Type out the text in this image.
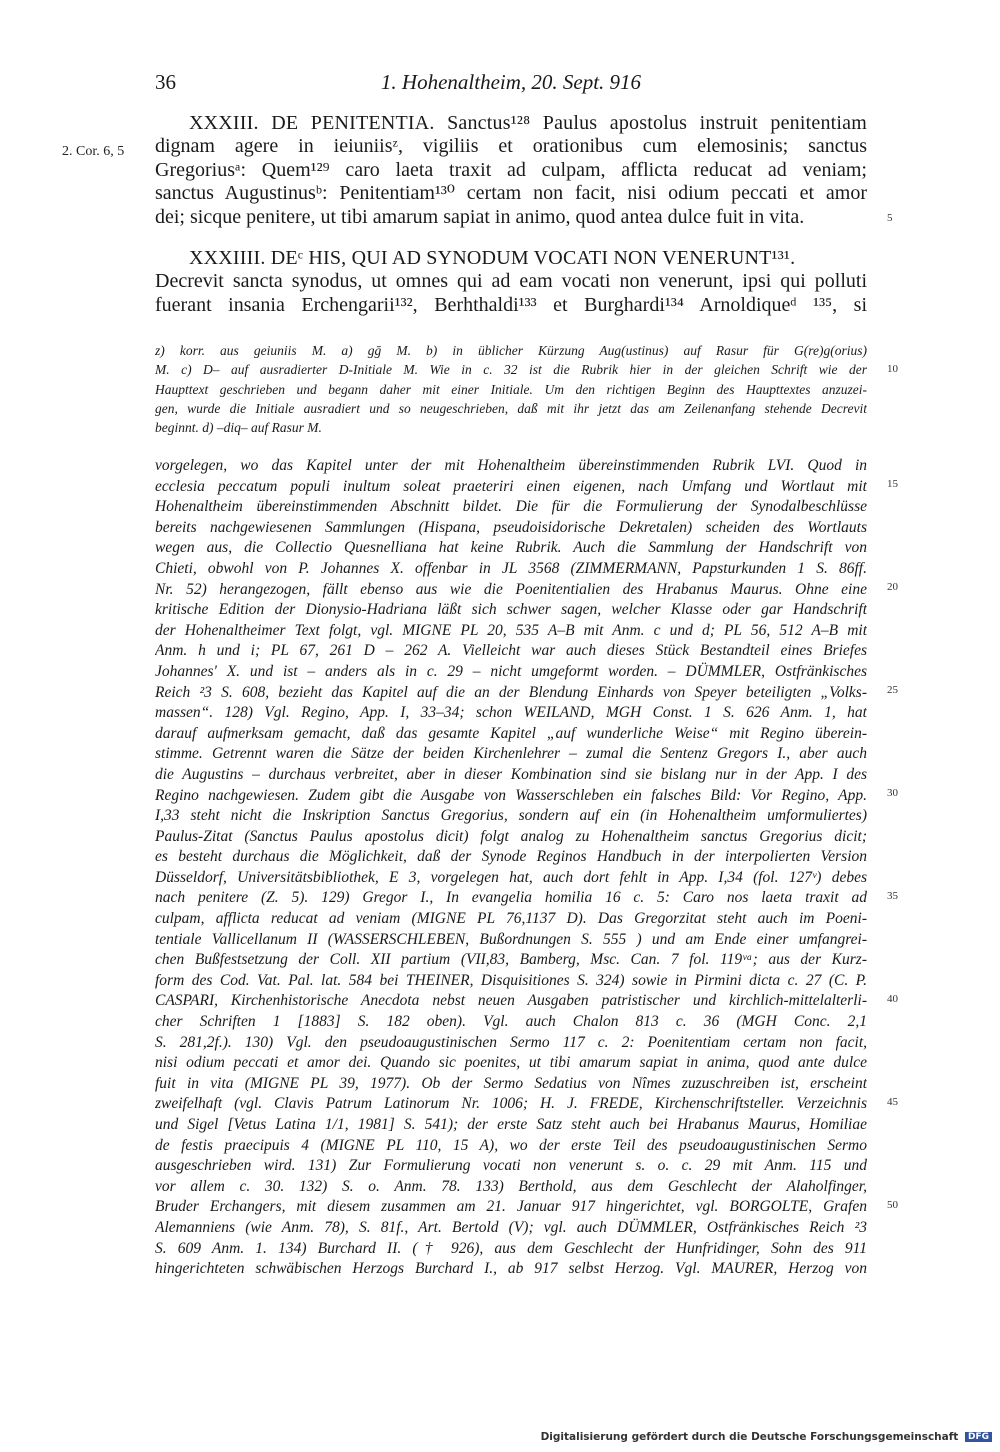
36	1. Hohenaltheim, 20. Sept. 916
2. Cor. 6, 5
XXXIII. DE PENITENTIA. Sanctus¹²⁸ Paulus apostolus instruit penitentiam
dignam agere in ieiuniisᶻ, vigiliis et orationibus cum elemosinis; sanctus
Gregoriusᵃ: Quem¹²⁹ caro laeta traxit ad culpam, afflicta reducat ad veniam;
sanctus Augustinusᵇ: Penitentiam¹³⁰ certam non facit, nisi odium peccati et amor
dei; sicque penitere, ut tibi amarum sapiat in animo, quod antea dulce fuit in vita.	5
XXXIIII. DEᶜ HIS, QUI AD SYNODUM VOCATI NON VENERUNT¹³¹.
Decrevit sancta synodus, ut omnes qui ad eam vocati non venerunt, ipsi qui polluti
fuerant insania Erchengarii¹³², Berhthaldi¹³³ et Burghardi¹³⁴ Arnoldiqueᵈ ¹³⁵, si
z) korr. aus geiuniis M. a) gḡ M. b) in üblicher Kürzung Aug(ustinus) auf Rasur für G(re)g(orius)
M. c) D– auf ausradierter D-Initiale M. Wie in c. 32 ist die Rubrik hier in der gleichen Schrift wie der
Haupttext geschrieben und begann daher mit einer Initiale. Um den richtigen Beginn des Haupttextes anzuzei-
gen, wurde die Initiale ausradiert und so neugeschrieben, daß mit ihr jetzt das am Zeilenanfang stehende Decrevit
beginnt. d) –diq– auf Rasur M.
10
vorgelegen, wo das Kapitel unter der mit Hohenaltheim übereinstimmenden Rubrik LVI. Quod in
ecclesia peccatum populi inultum soleat praeteriri einen eigenen, nach Umfang und Wortlaut mit
Hohenaltheim übereinstimmenden Abschnitt bildet. Die für die Formulierung der Synodalbeschlüsse
bereits nachgewiesenen Sammlungen (Hispana, pseudoisidorische Dekretalen) scheiden des Wortlauts
wegen aus, die Collectio Quesnelliana hat keine Rubrik. Auch die Sammlung der Handschrift von
Chieti, obwohl von P. Johannes X. offenbar in JL 3568 (ZIMMERMANN, Papsturkunden 1 S. 86ff.
Nr. 52) herangezogen, fällt ebenso aus wie die Poenitentialien des Hrabanus Maurus. Ohne eine
kritische Edition der Dionysio-Hadriana läßt sich schwer sagen, welcher Klasse oder gar Handschrift
der Hohenaltheimer Text folgt, vgl. MIGNE PL 20, 535 A–B mit Anm. c und d; PL 56, 512 A–B mit
Anm. h und i; PL 67, 261 D – 262 A. Vielleicht war auch dieses Stück Bestandteil eines Briefes
Johannes' X. und ist – anders als in c. 29 – nicht umgeformt worden. – DÜMMLER, Ostfränkisches
Reich ²3 S. 608, bezieht das Kapitel auf die an der Blendung Einhards von Speyer beteiligten „Volks-
massen“. 128) Vgl. Regino, App. I, 33–34; schon WEILAND, MGH Const. 1 S. 626 Anm. 1, hat
darauf aufmerksam gemacht, daß das gesamte Kapitel „auf wunderliche Weise“ mit Regino überein-
stimme. Getrennt waren die Sätze der beiden Kirchenlehrer – zumal die Sentenz Gregors I., aber auch
die Augustins – durchaus verbreitet, aber in dieser Kombination sind sie bislang nur in der App. I des
Regino nachgewiesen. Zudem gibt die Ausgabe von Wasserschleben ein falsches Bild: Vor Regino, App.
I,33 steht nicht die Inskription Sanctus Gregorius, sondern auf ein (in Hohenaltheim umformuliertes)
Paulus-Zitat (Sanctus Paulus apostolus dicit) folgt analog zu Hohenaltheim sanctus Gregorius dicit;
es besteht durchaus die Möglichkeit, daß der Synode Reginos Handbuch in der interpolierten Version
Düsseldorf, Universitätsbibliothek, E 3, vorgelegen hat, auch dort fehlt in App. I,34 (fol. 127ᵛ) debes
nach penitere (Z. 5). 129) Gregor I., In evangelia homilia 16 c. 5: Caro nos laeta traxit ad
culpam, afflicta reducat ad veniam (MIGNE PL 76,1137 D). Das Gregorzitat steht auch im Poeni-
tentiale Vallicellanum II (WASSERSCHLEBEN, Bußordnungen S. 555 ) und am Ende einer umfangrei-
chen Bußfestsetzung der Coll. XII partium (VII,83, Bamberg, Msc. Can. 7 fol. 119ᵛᵃ; aus der Kurz-
form des Cod. Vat. Pal. lat. 584 bei THEINER, Disquisitiones S. 324) sowie in Pirmini dicta c. 27 (C. P.
CASPARI, Kirchenhistorische Anecdota nebst neuen Ausgaben patristischer und kirchlich-mittelalterli-
cher Schriften 1 [1883] S. 182 oben). Vgl. auch Chalon 813 c. 36 (MGH Conc. 2,1
S. 281,2f.). 130) Vgl. den pseudoaugustinischen Sermo 117 c. 2: Poenitentiam certam non facit,
nisi odium peccati et amor dei. Quando sic poenites, ut tibi amarum sapiat in anima, quod ante dulce
fuit in vita (MIGNE PL 39, 1977). Ob der Sermo Sedatius von Nîmes zuzuschreiben ist, erscheint
zweifelhaft (vgl. Clavis Patrum Latinorum Nr. 1006; H. J. FREDE, Kirchenschriftsteller. Verzeichnis
und Sigel [Vetus Latina 1/1, 1981] S. 541); der erste Satz steht auch bei Hrabanus Maurus, Homiliae
de festis praecipuis 4 (MIGNE PL 110, 15 A), wo der erste Teil des pseudoaugustinischen Sermo
ausgeschrieben wird. 131) Zur Formulierung vocati non venerunt s. o. c. 29 mit Anm. 115 und
vor allem c. 30. 132) S. o. Anm. 78. 133) Berthold, aus dem Geschlecht der Alaholfinger,
Bruder Erchangers, mit diesem zusammen am 21. Januar 917 hingerichtet, vgl. BORGOLTE, Grafen
Alemanniens (wie Anm. 78), S. 81f., Art. Bertold (V); vgl. auch DÜMMLER, Ostfränkisches Reich ²3
S. 609 Anm. 1. 134) Burchard II. († 926), aus dem Geschlecht der Hunfridinger, Sohn des 911
hingerichteten schwäbischen Herzogs Burchard I., ab 917 selbst Herzog. Vgl. MAURER, Herzog von
15
20
25
30
35
40
45
50
Digitalisierung gefördert durch die Deutsche Forschungsgemeinschaft DFG
